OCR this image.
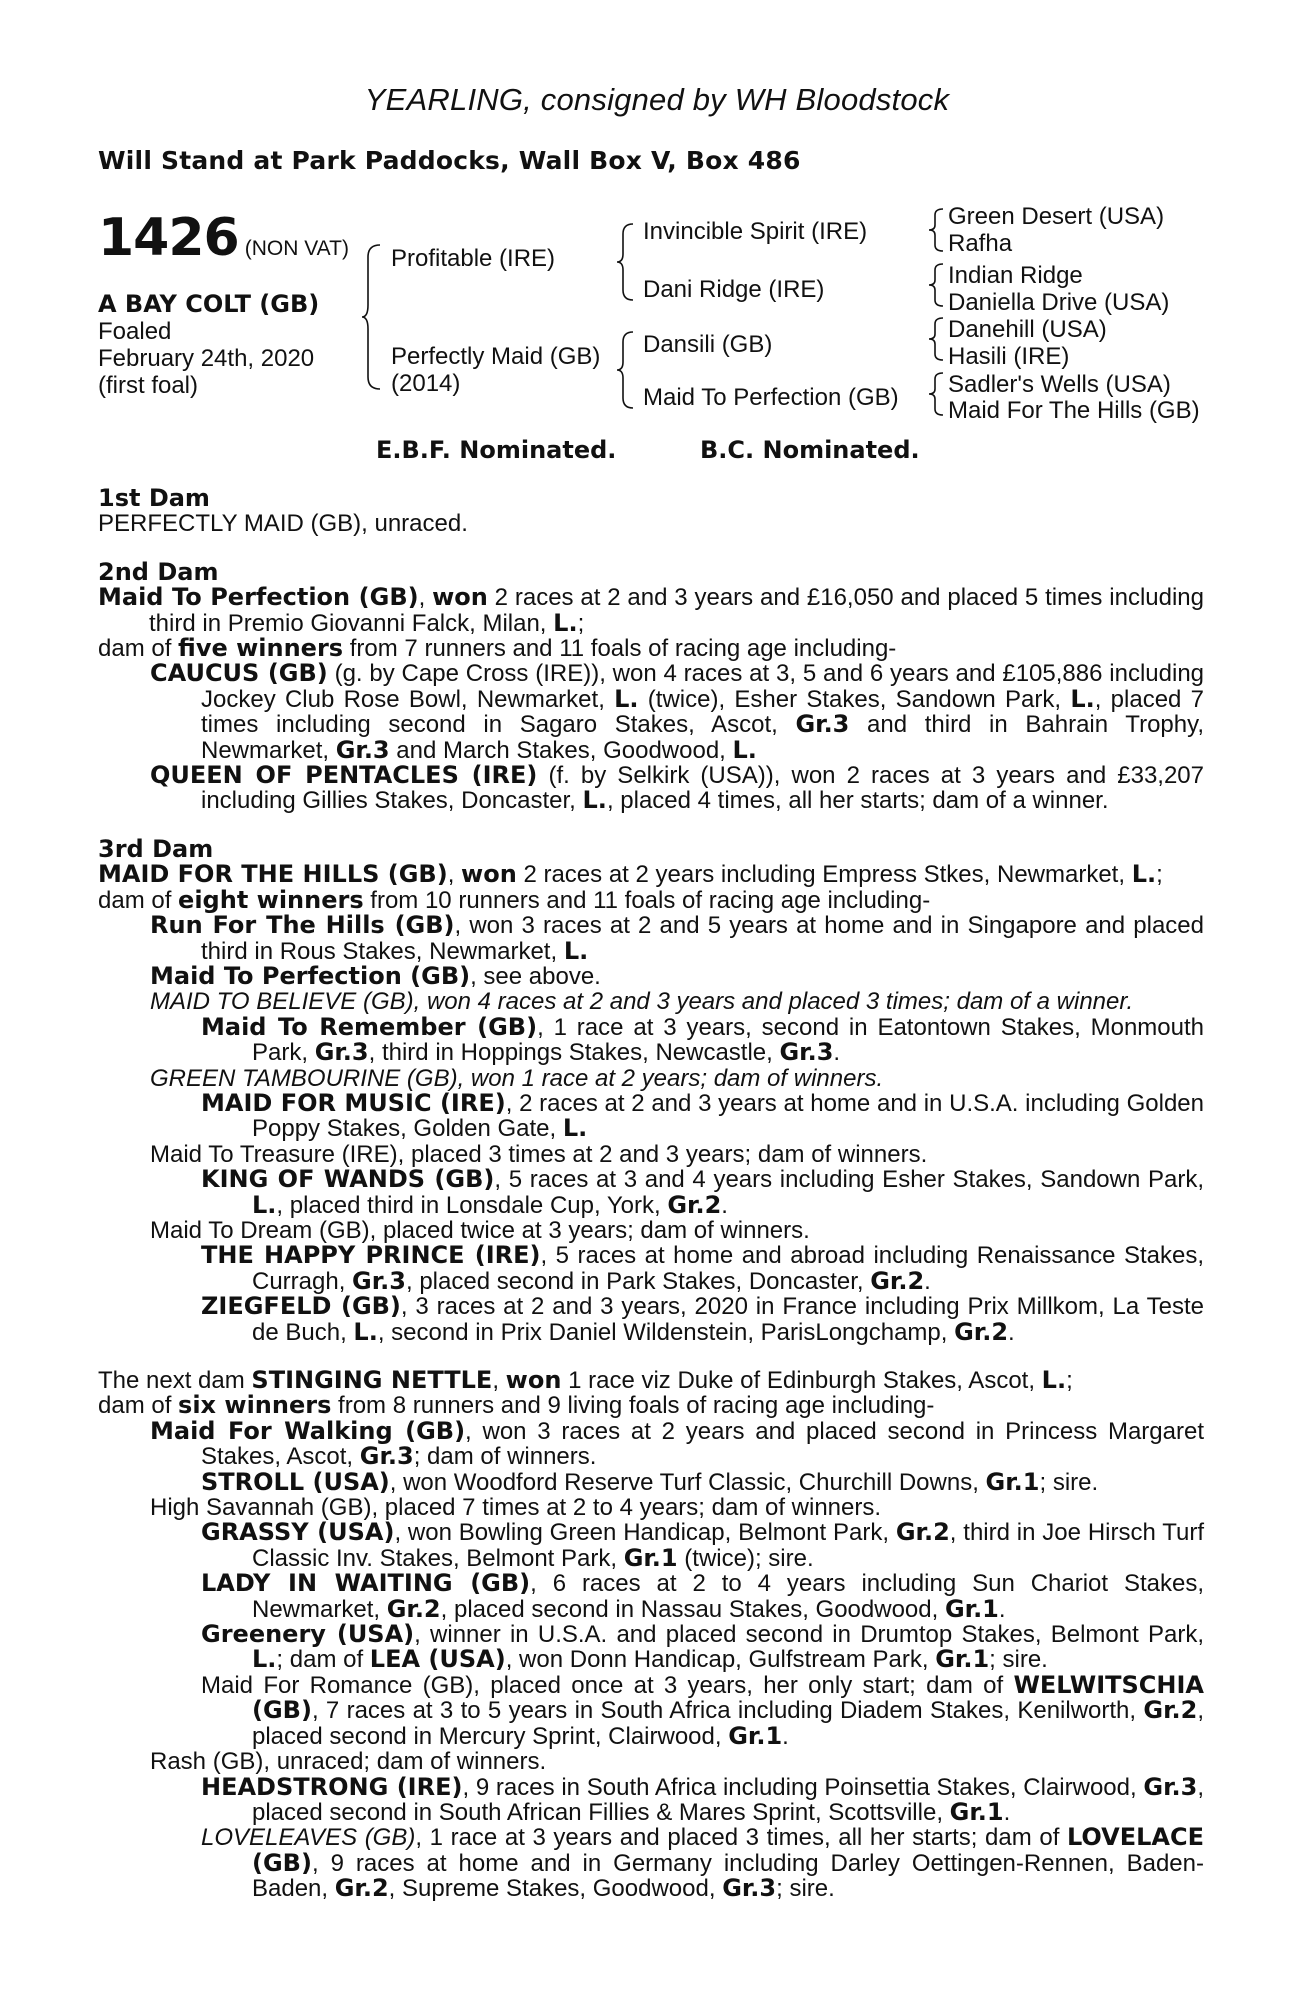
YEARLING, consigned by WH Bloodstock
Will Stand at Park Paddocks, Wall Box V, Box 486
1426 (NON VAT)
A BAY COLT (GB)
Foaled
February 24th, 2020
(first foal)
Profitable (IRE)
Perfectly Maid (GB)
(2014)
Invincible Spirit (IRE)
Dani Ridge (IRE)
Dansili (GB)
Maid To Perfection (GB)
Green Desert (USA)
Rafha
Indian Ridge
Daniella Drive (USA)
Danehill (USA)
Hasili (IRE)
Sadler's Wells (USA)
Maid For The Hills (GB)
E.B.F. Nominated.	B.C. Nominated.
1st Dam
PERFECTLY MAID (GB), unraced.
2nd Dam
Maid To Perfection (GB), won 2 races at 2 and 3 years and £16,050 and placed 5 times including third in Premio Giovanni Falck, Milan, L.;
dam of five winners from 7 runners and 11 foals of racing age including-
CAUCUS (GB) (g. by Cape Cross (IRE)), won 4 races at 3, 5 and 6 years and £105,886 including Jockey Club Rose Bowl, Newmarket, L. (twice), Esher Stakes, Sandown Park, L., placed 7 times including second in Sagaro Stakes, Ascot, Gr.3 and third in Bahrain Trophy, Newmarket, Gr.3 and March Stakes, Goodwood, L.
QUEEN OF PENTACLES (IRE) (f. by Selkirk (USA)), won 2 races at 3 years and £33,207 including Gillies Stakes, Doncaster, L., placed 4 times, all her starts; dam of a winner.
3rd Dam
MAID FOR THE HILLS (GB), won 2 races at 2 years including Empress Stkes, Newmarket, L.;
dam of eight winners from 10 runners and 11 foals of racing age including-
Run For The Hills (GB), won 3 races at 2 and 5 years at home and in Singapore and placed third in Rous Stakes, Newmarket, L.
Maid To Perfection (GB), see above.
MAID TO BELIEVE (GB), won 4 races at 2 and 3 years and placed 3 times; dam of a winner.
Maid To Remember (GB), 1 race at 3 years, second in Eatontown Stakes, Monmouth Park, Gr.3, third in Hoppings Stakes, Newcastle, Gr.3.
GREEN TAMBOURINE (GB), won 1 race at 2 years; dam of winners.
MAID FOR MUSIC (IRE), 2 races at 2 and 3 years at home and in U.S.A. including Golden Poppy Stakes, Golden Gate, L.
Maid To Treasure (IRE), placed 3 times at 2 and 3 years; dam of winners.
KING OF WANDS (GB), 5 races at 3 and 4 years including Esher Stakes, Sandown Park, L., placed third in Lonsdale Cup, York, Gr.2.
Maid To Dream (GB), placed twice at 3 years; dam of winners.
THE HAPPY PRINCE (IRE), 5 races at home and abroad including Renaissance Stakes, Curragh, Gr.3, placed second in Park Stakes, Doncaster, Gr.2.
ZIEGFELD (GB), 3 races at 2 and 3 years, 2020 in France including Prix Millkom, La Teste de Buch, L., second in Prix Daniel Wildenstein, ParisLongchamp, Gr.2.
The next dam STINGING NETTLE, won 1 race viz Duke of Edinburgh Stakes, Ascot, L.;
dam of six winners from 8 runners and 9 living foals of racing age including-
Maid For Walking (GB), won 3 races at 2 years and placed second in Princess Margaret Stakes, Ascot, Gr.3; dam of winners.
STROLL (USA), won Woodford Reserve Turf Classic, Churchill Downs, Gr.1; sire.
High Savannah (GB), placed 7 times at 2 to 4 years; dam of winners.
GRASSY (USA), won Bowling Green Handicap, Belmont Park, Gr.2, third in Joe Hirsch Turf Classic Inv. Stakes, Belmont Park, Gr.1 (twice); sire.
LADY IN WAITING (GB), 6 races at 2 to 4 years including Sun Chariot Stakes, Newmarket, Gr.2, placed second in Nassau Stakes, Goodwood, Gr.1.
Greenery (USA), winner in U.S.A. and placed second in Drumtop Stakes, Belmont Park, L.; dam of LEA (USA), won Donn Handicap, Gulfstream Park, Gr.1; sire.
Maid For Romance (GB), placed once at 3 years, her only start; dam of WELWITSCHIA (GB), 7 races at 3 to 5 years in South Africa including Diadem Stakes, Kenilworth, Gr.2, placed second in Mercury Sprint, Clairwood, Gr.1.
Rash (GB), unraced; dam of winners.
HEADSTRONG (IRE), 9 races in South Africa including Poinsettia Stakes, Clairwood, Gr.3, placed second in South African Fillies & Mares Sprint, Scottsville, Gr.1.
LOVELEAVES (GB), 1 race at 3 years and placed 3 times, all her starts; dam of LOVELACE (GB), 9 races at home and in Germany including Darley Oettingen-Rennen, Baden-Baden, Gr.2, Supreme Stakes, Goodwood, Gr.3; sire.
